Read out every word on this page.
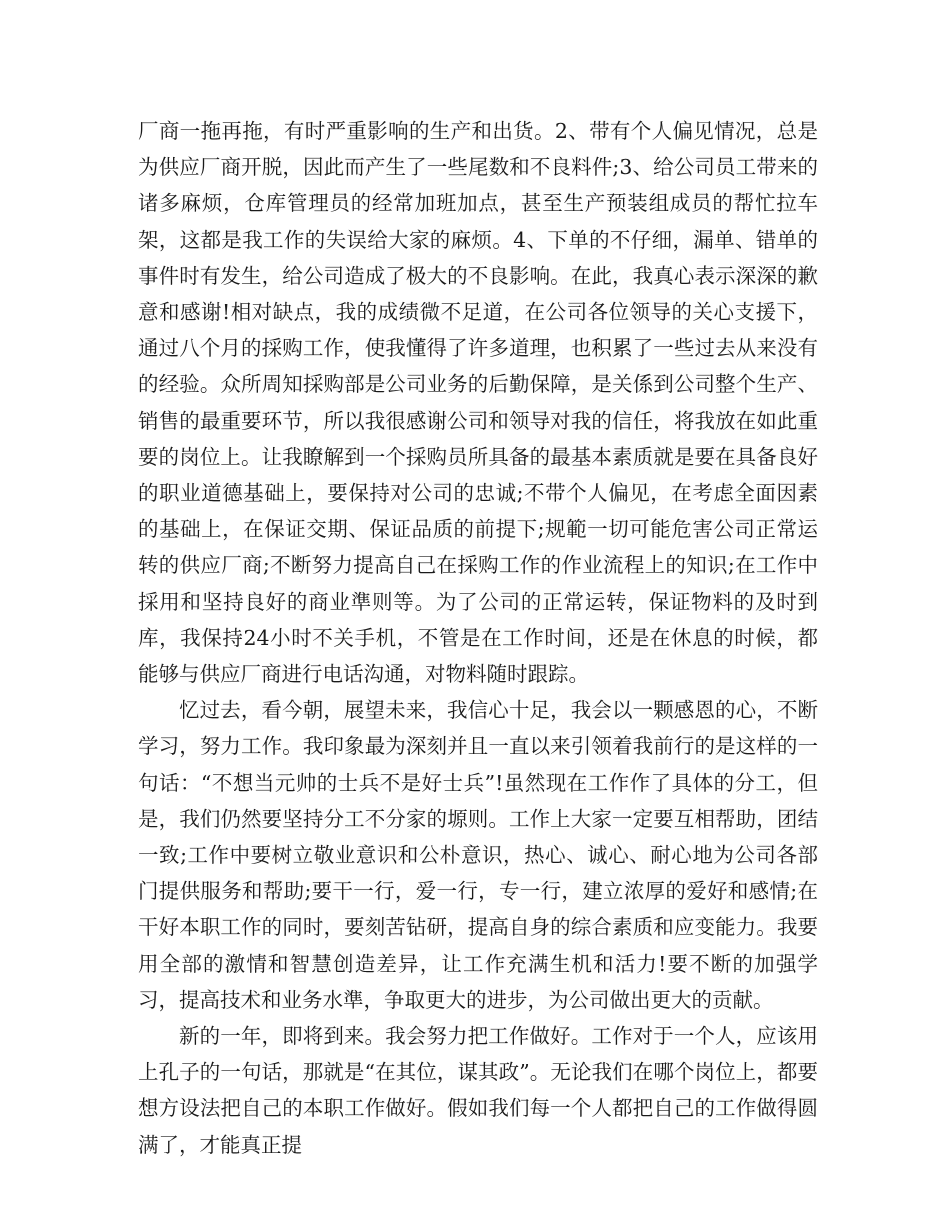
厂商一拖再拖，有时严重影响的生产和出货。2、带有个人偏见情况，总是为供应厂商开脱，因此而产生了一些尾数和不良料件;3、给公司员工带来的诸多麻烦，仓库管理员的经常加班加点，甚至生产预装组成员的帮忙拉车架，这都是我工作的失误给大家的麻烦。4、下单的不仔细，漏单、错单的事件时有发生，给公司造成了极大的不良影响。在此，我真心表示深深的歉意和感谢!相对缺点，我的成绩微不足道，在公司各位领导的关心支援下，通过八个月的採购工作，使我懂得了许多道理，也积累了一些过去从来没有的经验。众所周知採购部是公司业务的后勤保障，是关係到公司整个生产、销售的最重要环节，所以我很感谢公司和领导对我的信任，将我放在如此重要的岗位上。让我瞭解到一个採购员所具备的最基本素质就是要在具备良好的职业道德基础上，要保持对公司的忠诚;不带个人偏见，在考虑全面因素的基础上，在保证交期、保证品质的前提下;规範一切可能危害公司正常运转的供应厂商;不断努力提高自己在採购工作的作业流程上的知识;在工作中採用和坚持良好的商业準则等。为了公司的正常运转，保证物料的及时到库，我保持24小时不关手机，不管是在工作时间，还是在休息的时候，都能够与供应厂商进行电话沟通，对物料随时跟踪。

忆过去，看今朝，展望未来，我信心十足，我会以一颗感恩的心，不断学习，努力工作。我印象最为深刻并且一直以来引领着我前行的是这样的一句话：“不想当元帅的士兵不是好士兵”!虽然现在工作作了具体的分工，但是，我们仍然要坚持分工不分家的塬则。工作上大家一定要互相帮助，团结一致;工作中要树立敬业意识和公朴意识，热心、诚心、耐心地为公司各部门提供服务和帮助;要干一行，爱一行，专一行，建立浓厚的爱好和感情;在干好本职工作的同时，要刻苦钻研，提高自身的综合素质和应变能力。我要用全部的激情和智慧创造差异，让工作充满生机和活力!要不断的加强学习，提高技术和业务水準，争取更大的进步，为公司做出更大的贡献。

新的一年，即将到来。我会努力把工作做好。工作对于一个人，应该用上孔子的一句话，那就是“在其位，谋其政”。无论我们在哪个岗位上，都要想方设法把自己的本职工作做好。假如我们每一个人都把自己的工作做得圆满了，才能真正提
